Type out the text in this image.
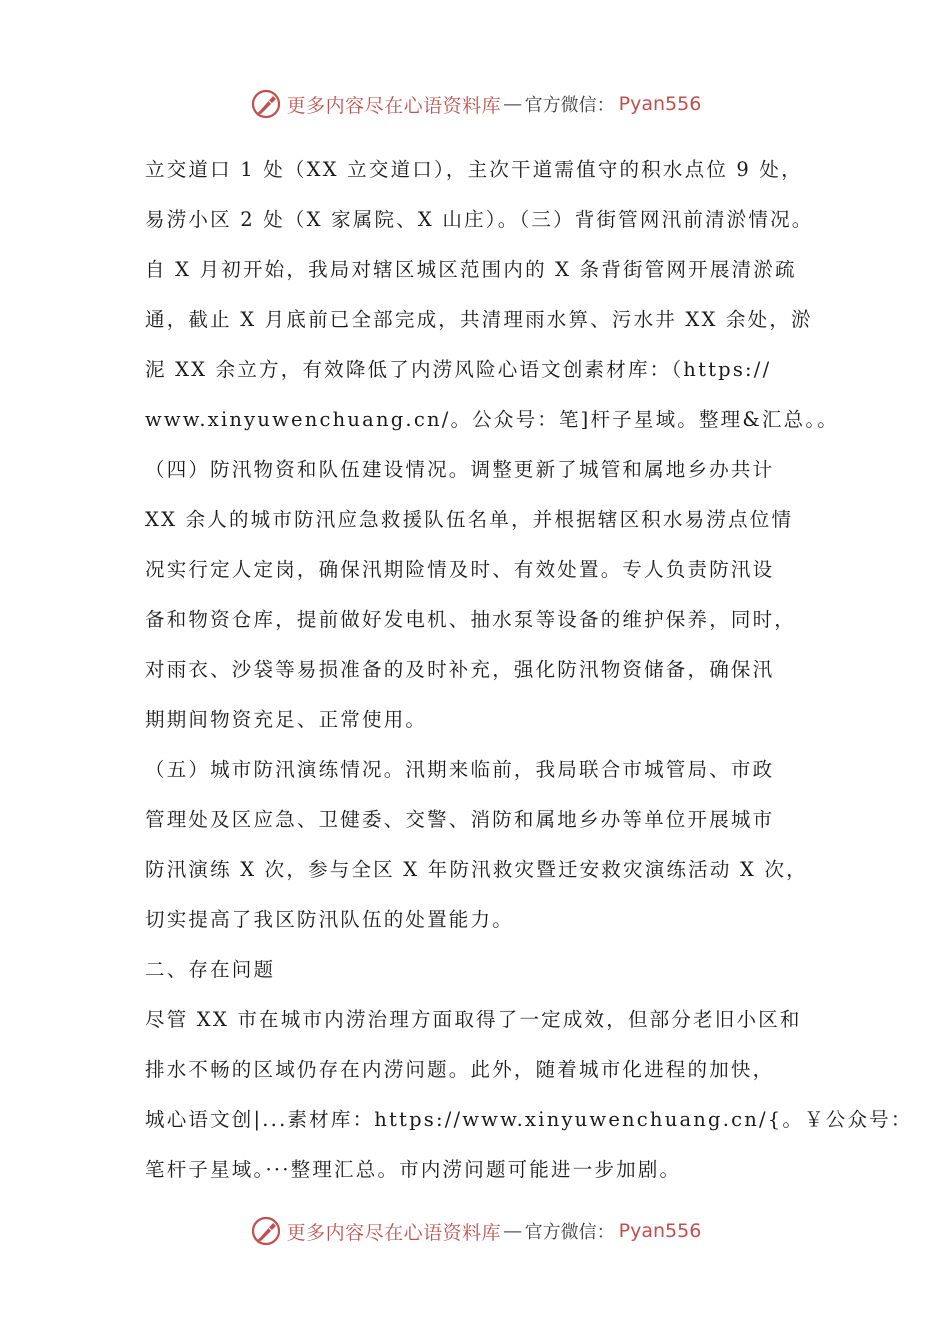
更多内容尽在心语资料库 — 官方微信： Pyan556
立交道口 1 处（XX 立交道口），主次干道需值守的积水点位 9 处，
易涝小区 2 处（X 家属院、X 山庄）。（三）背街管网汛前清淤情况。
自 X 月初开始，我局对辖区城区范围内的 X 条背街管网开展清淤疏
通，截止 X 月底前已全部完成，共清理雨水箅、污水井 XX 余处，淤
泥 XX 余立方，有效降低了内涝风险心语文创素材库：（https://
www.xinyuwenchuang.cn/。公众号：笔]杆子星域。整理&汇总。。
（四）防汛物资和队伍建设情况。调整更新了城管和属地乡办共计
XX 余人的城市防汛应急救援队伍名单，并根据辖区积水易涝点位情
况实行定人定岗，确保汛期险情及时、有效处置。专人负责防汛设
备和物资仓库，提前做好发电机、抽水泵等设备的维护保养，同时，
对雨衣、沙袋等易损准备的及时补充，强化防汛物资储备，确保汛
期期间物资充足、正常使用。
（五）城市防汛演练情况。汛期来临前，我局联合市城管局、市政
管理处及区应急、卫健委、交警、消防和属地乡办等单位开展城市
防汛演练 X 次，参与全区 X 年防汛救灾暨迁安救灾演练活动 X 次，
切实提高了我区防汛队伍的处置能力。
二、存在问题
尽管 XX 市在城市内涝治理方面取得了一定成效，但部分老旧小区和
排水不畅的区域仍存在内涝问题。此外，随着城市化进程的加快，
城心语文创|...素材库：https://www.xinyuwenchuang.cn/{。￥公众号：
笔杆子星域。···整理汇总。市内涝问题可能进一步加剧。
更多内容尽在心语资料库 — 官方微信： Pyan556
